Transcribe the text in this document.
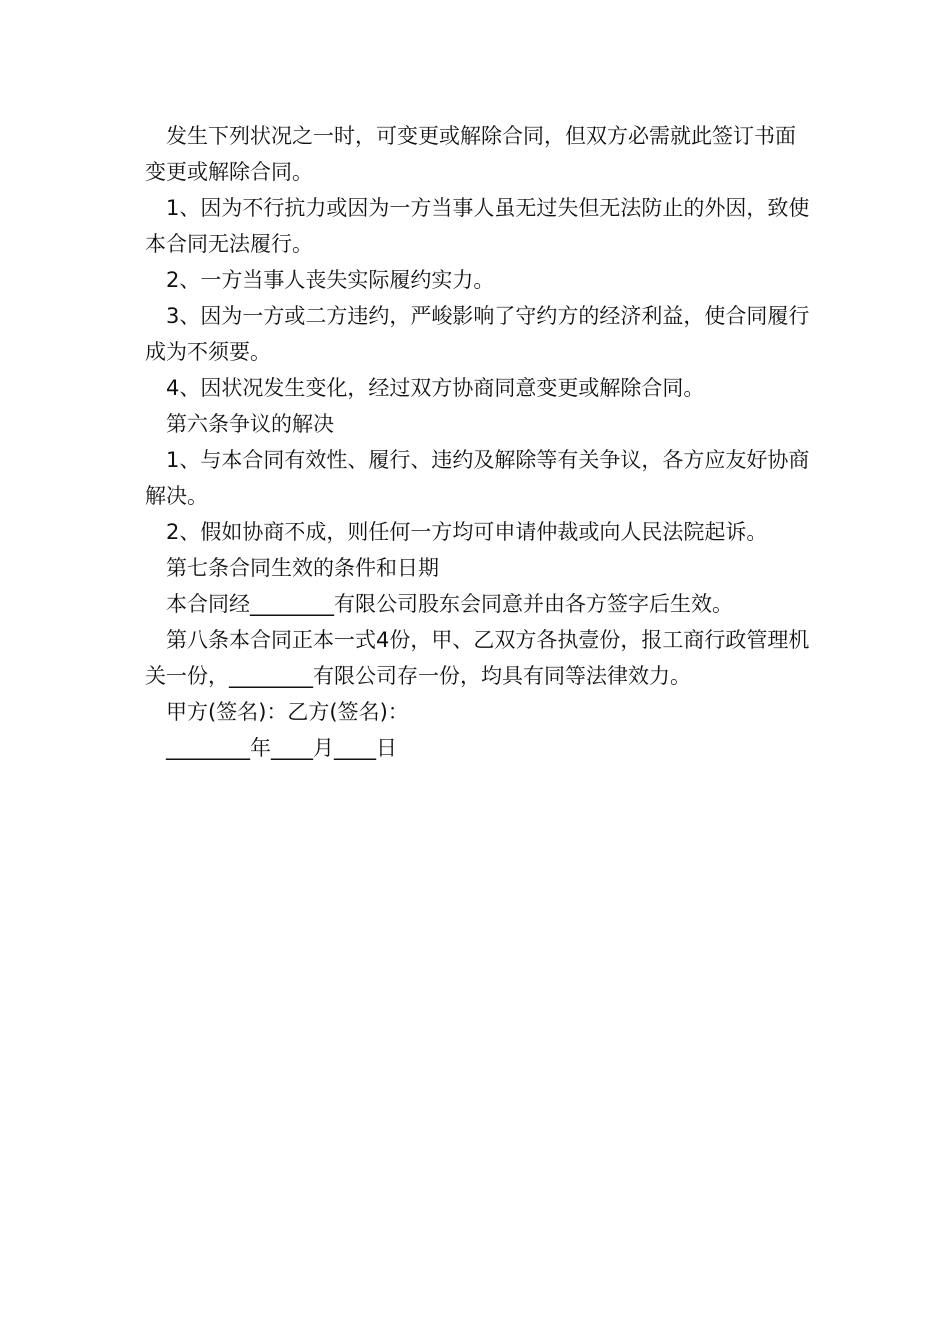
发生下列状况之一时，可变更或解除合同，但双方必需就此签订书面变更或解除合同。

1、因为不行抗力或因为一方当事人虽无过失但无法防止的外因，致使本合同无法履行。

2、一方当事人丧失实际履约实力。

3、因为一方或二方违约，严峻影响了守约方的经济利益，使合同履行成为不须要。

4、因状况发生变化，经过双方协商同意变更或解除合同。

第六条争议的解决

1、与本合同有效性、履行、违约及解除等有关争议，各方应友好协商解决。

2、假如协商不成，则任何一方均可申请仲裁或向人民法院起诉。

第七条合同生效的条件和日期

本合同经________有限公司股东会同意并由各方签字后生效。

第八条本合同正本一式4份，甲、乙双方各执壹份，报工商行政管理机关一份，________有限公司存一份，均具有同等法律效力。

甲方(签名)：乙方(签名)：

________年____月____日
